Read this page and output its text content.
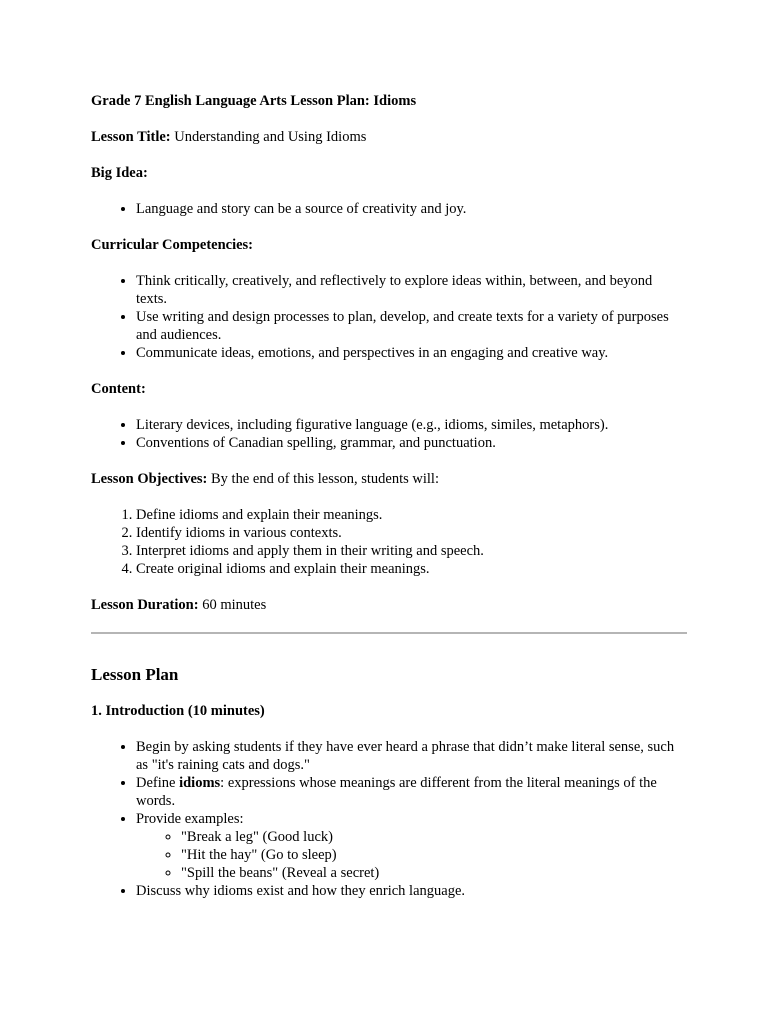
Grade 7 English Language Arts Lesson Plan: Idioms

Lesson Title: Understanding and Using Idioms

Big Idea:

• Language and story can be a source of creativity and joy.

Curricular Competencies:

• Think critically, creatively, and reflectively to explore ideas within, between, and beyond texts.
• Use writing and design processes to plan, develop, and create texts for a variety of purposes and audiences.
• Communicate ideas, emotions, and perspectives in an engaging and creative way.

Content:

• Literary devices, including figurative language (e.g., idioms, similes, metaphors).
• Conventions of Canadian spelling, grammar, and punctuation.

Lesson Objectives: By the end of this lesson, students will:

1. Define idioms and explain their meanings.
2. Identify idioms in various contexts.
3. Interpret idioms and apply them in their writing and speech.
4. Create original idioms and explain their meanings.

Lesson Duration: 60 minutes

Lesson Plan

1. Introduction (10 minutes)

• Begin by asking students if they have ever heard a phrase that didn’t make literal sense, such as "it's raining cats and dogs."
• Define idioms: expressions whose meanings are different from the literal meanings of the words.
• Provide examples:
◦ "Break a leg" (Good luck)
◦ "Hit the hay" (Go to sleep)
◦ "Spill the beans" (Reveal a secret)
• Discuss why idioms exist and how they enrich language.
